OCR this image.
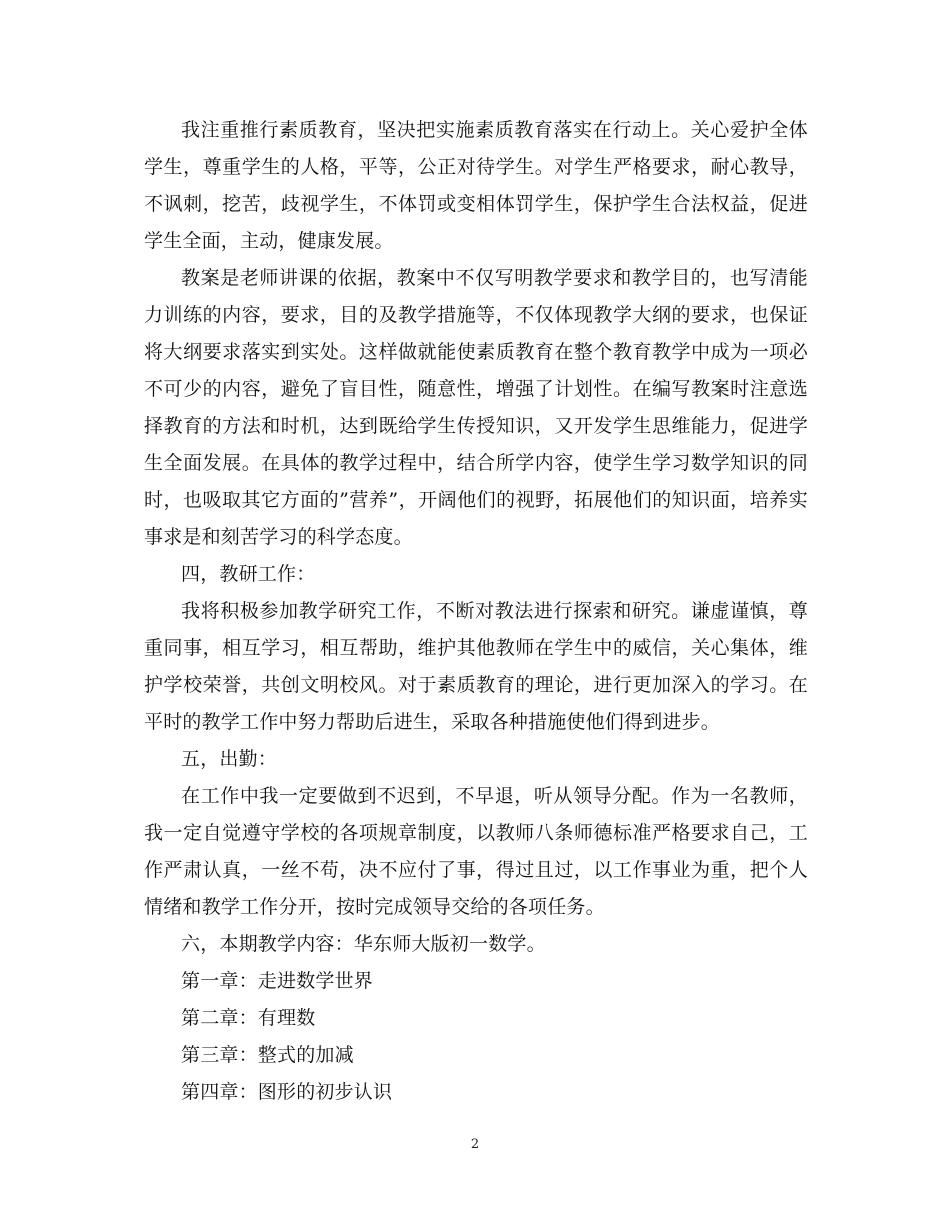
我注重推行素质教育，坚决把实施素质教育落实在行动上。关心爱护全体学生，尊重学生的人格，平等，公正对待学生。对学生严格要求，耐心教导，不讽刺，挖苦，歧视学生，不体罚或变相体罚学生，保护学生合法权益，促进学生全面，主动，健康发展。

教案是老师讲课的依据，教案中不仅写明教学要求和教学目的，也写清能力训练的内容，要求，目的及教学措施等，不仅体现教学大纲的要求，也保证将大纲要求落实到实处。这样做就能使素质教育在整个教育教学中成为一项必不可少的内容，避免了盲目性，随意性，增强了计划性。在编写教案时注意选择教育的方法和时机，达到既给学生传授知识，又开发学生思维能力，促进学生全面发展。在具体的教学过程中，结合所学内容，使学生学习数学知识的同时，也吸取其它方面的”营养”，开阔他们的视野，拓展他们的知识面，培养实事求是和刻苦学习的科学态度。

四，教研工作：

我将积极参加教学研究工作，不断对教法进行探索和研究。谦虚谨慎，尊重同事，相互学习，相互帮助，维护其他教师在学生中的威信，关心集体，维护学校荣誉，共创文明校风。对于素质教育的理论，进行更加深入的学习。在平时的教学工作中努力帮助后进生，采取各种措施使他们得到进步。

五，出勤：

在工作中我一定要做到不迟到，不早退，听从领导分配。作为一名教师，我一定自觉遵守学校的各项规章制度，以教师八条师德标准严格要求自己，工作严肃认真，一丝不苟，决不应付了事，得过且过，以工作事业为重，把个人情绪和教学工作分开，按时完成领导交给的各项任务。

六，本期教学内容：华东师大版初一数学。

第一章：走进数学世界

第二章：有理数

第三章：整式的加减

第四章：图形的初步认识

2
